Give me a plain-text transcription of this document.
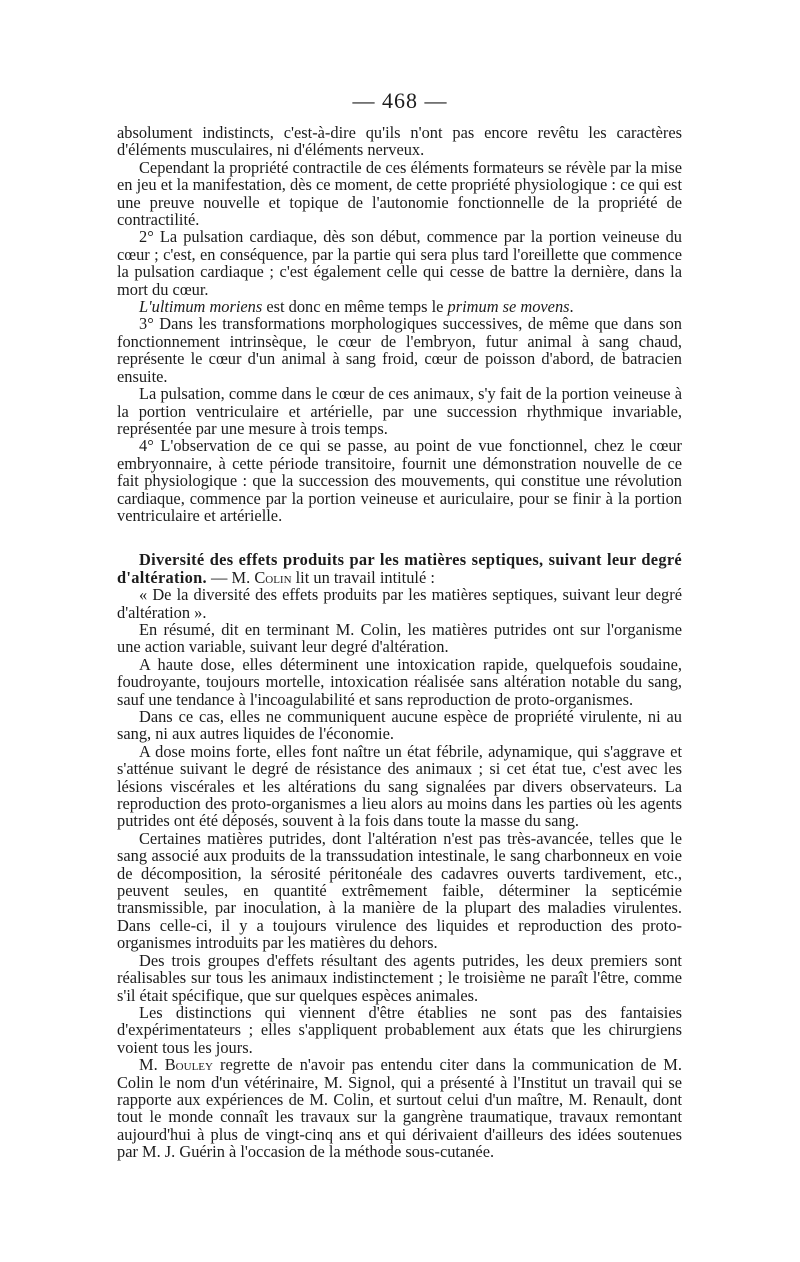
— 468 —

absolument indistincts, c'est-à-dire qu'ils n'ont pas encore revêtu les caractères d'éléments musculaires, ni d'éléments nerveux.

Cependant la propriété contractile de ces éléments formateurs se révèle par la mise en jeu et la manifestation, dès ce moment, de cette propriété physiologique : ce qui est une preuve nouvelle et topique de l'autonomie fonctionnelle de la propriété de contractilité.

2° La pulsation cardiaque, dès son début, commence par la portion veineuse du cœur ; c'est, en conséquence, par la partie qui sera plus tard l'oreillette que commence la pulsation cardiaque ; c'est également celle qui cesse de battre la dernière, dans la mort du cœur.

L'ultimum moriens est donc en même temps le primum se movens.

3° Dans les transformations morphologiques successives, de même que dans son fonctionnement intrinsèque, le cœur de l'embryon, futur animal à sang chaud, représente le cœur d'un animal à sang froid, cœur de poisson d'abord, de batracien ensuite.

La pulsation, comme dans le cœur de ces animaux, s'y fait de la portion veineuse à la portion ventriculaire et artérielle, par une succession rhythmique invariable, représentée par une mesure à trois temps.

4° L'observation de ce qui se passe, au point de vue fonctionnel, chez le cœur embryonnaire, à cette période transitoire, fournit une démonstration nouvelle de ce fait physiologique : que la succession des mouvements, qui constitue une révolution cardiaque, commence par la portion veineuse et auriculaire, pour se finir à la portion ventriculaire et artérielle.

Diversité des effets produits par les matières septiques, suivant leur degré d'altération. — M. Colin lit un travail intitulé :

« De la diversité des effets produits par les matières septiques, suivant leur degré d'altération ».

En résumé, dit en terminant M. Colin, les matières putrides ont sur l'organisme une action variable, suivant leur degré d'altération.

A haute dose, elles déterminent une intoxication rapide, quelquefois soudaine, foudroyante, toujours mortelle, intoxication réalisée sans altération notable du sang, sauf une tendance à l'incoagulabilité et sans reproduction de proto-organismes.

Dans ce cas, elles ne communiquent aucune espèce de propriété virulente, ni au sang, ni aux autres liquides de l'économie.

A dose moins forte, elles font naître un état fébrile, adynamique, qui s'aggrave et s'atténue suivant le degré de résistance des animaux ; si cet état tue, c'est avec les lésions viscérales et les altérations du sang signalées par divers observateurs. La reproduction des proto-organismes a lieu alors au moins dans les parties où les agents putrides ont été déposés, souvent à la fois dans toute la masse du sang.

Certaines matières putrides, dont l'altération n'est pas très-avancée, telles que le sang associé aux produits de la transsudation intestinale, le sang charbonneux en voie de décomposition, la sérosité péritonéale des cadavres ouverts tardivement, etc., peuvent seules, en quantité extrêmement faible, déterminer la septicémie transmissible, par inoculation, à la manière de la plupart des maladies virulentes. Dans celle-ci, il y a toujours virulence des liquides et reproduction des proto-organismes introduits par les matières du dehors.

Des trois groupes d'effets résultant des agents putrides, les deux premiers sont réalisables sur tous les animaux indistinctement ; le troisième ne paraît l'être, comme s'il était spécifique, que sur quelques espèces animales.

Les distinctions qui viennent d'être établies ne sont pas des fantaisies d'expérimentateurs ; elles s'appliquent probablement aux états que les chirurgiens voient tous les jours.

M. Bouley regrette de n'avoir pas entendu citer dans la communication de M. Colin le nom d'un vétérinaire, M. Signol, qui a présenté à l'Institut un travail qui se rapporte aux expériences de M. Colin, et surtout celui d'un maître, M. Renault, dont tout le monde connaît les travaux sur la gangrène traumatique, travaux remontant aujourd'hui à plus de vingt-cinq ans et qui dérivaient d'ailleurs des idées soutenues par M. J. Guérin à l'occasion de la méthode sous-cutanée.
